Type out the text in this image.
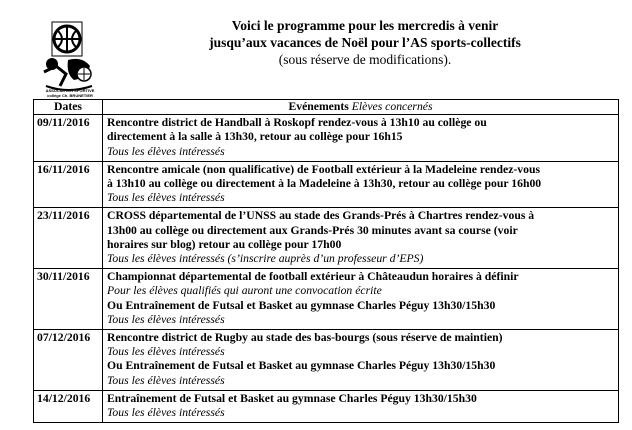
ASSOCIATION SPORTIVE
collège Ch. BRUNETIER
Voici le programme pour les mercredis à venir
jusqu’aux vacances de Noël pour l’AS sports-collectifs
(sous réserve de modifications).
Dates	Evénements Elèves concernés
09/11/2016	Rencontre district de Handball à Roskopf rendez-vous à 13h10 au collège ou
directement à la salle à 13h30, retour au collège pour 16h15
Tous les élèves intéressés

16/11/2016	Rencontre amicale (non qualificative) de Football extérieur à la Madeleine rendez-vous
à 13h10 au collège ou directement à la Madeleine à 13h30, retour au collège pour 16h00
Tous les élèves intéressés

23/11/2016	CROSS départemental de l’UNSS au stade des Grands-Prés à Chartres rendez-vous à
13h00 au collège ou directement aux Grands-Prés 30 minutes avant sa course (voir
horaires sur blog) retour au collège pour 17h00
Tous les élèves intéressés (s’inscrire auprès d’un professeur d’EPS)

30/11/2016	Championnat départemental de football extérieur à Châteaudun horaires à définir
Pour les élèves qualifiés qui auront une convocation écrite
Ou Entraînement de Futsal et Basket au gymnase Charles Péguy 13h30/15h30
Tous les élèves intéressés

07/12/2016	Rencontre district de Rugby au stade des bas-bourgs (sous réserve de maintien)
Tous les élèves intéressés
Ou Entraînement de Futsal et Basket au gymnase Charles Péguy 13h30/15h30
Tous les élèves intéressés

14/12/2016	Entraînement de Futsal et Basket au gymnase Charles Péguy 13h30/15h30
Tous les élèves intéressés
